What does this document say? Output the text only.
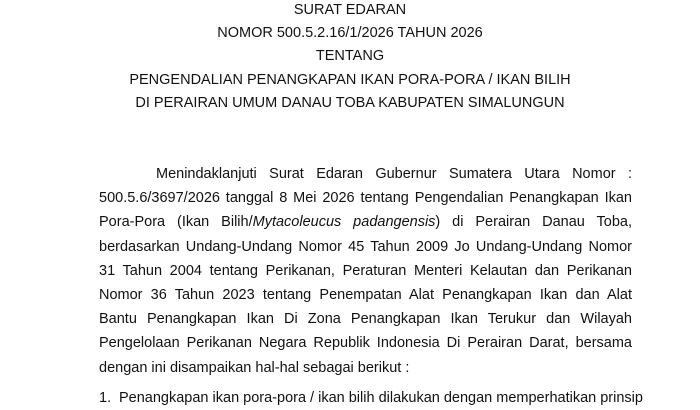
SURAT EDARAN
NOMOR 500.5.2.16/1/2026 TAHUN 2026
TENTANG
PENGENDALIAN PENANGKAPAN IKAN PORA-PORA / IKAN BILIH
DI PERAIRAN UMUM DANAU TOBA KABUPATEN SIMALUNGUN

Menindaklanjuti Surat Edaran Gubernur Sumatera Utara Nomor : 500.5.6/3697/2026 tanggal 8 Mei 2026 tentang Pengendalian Penangkapan Ikan Pora-Pora (Ikan Bilih/Mytacoleucus padangensis) di Perairan Danau Toba, berdasarkan Undang-Undang Nomor 45 Tahun 2009 Jo Undang-Undang Nomor 31 Tahun 2004 tentang Perikanan, Peraturan Menteri Kelautan dan Perikanan Nomor 36 Tahun 2023 tentang Penempatan Alat Penangkapan Ikan dan Alat Bantu Penangkapan Ikan Di Zona Penangkapan Ikan Terukur dan Wilayah Pengelolaan Perikanan Negara Republik Indonesia Di Perairan Darat, bersama dengan ini disampaikan hal-hal sebagai berikut :

1. Penangkapan ikan pora-pora / ikan bilih dilakukan dengan memperhatikan prinsip
